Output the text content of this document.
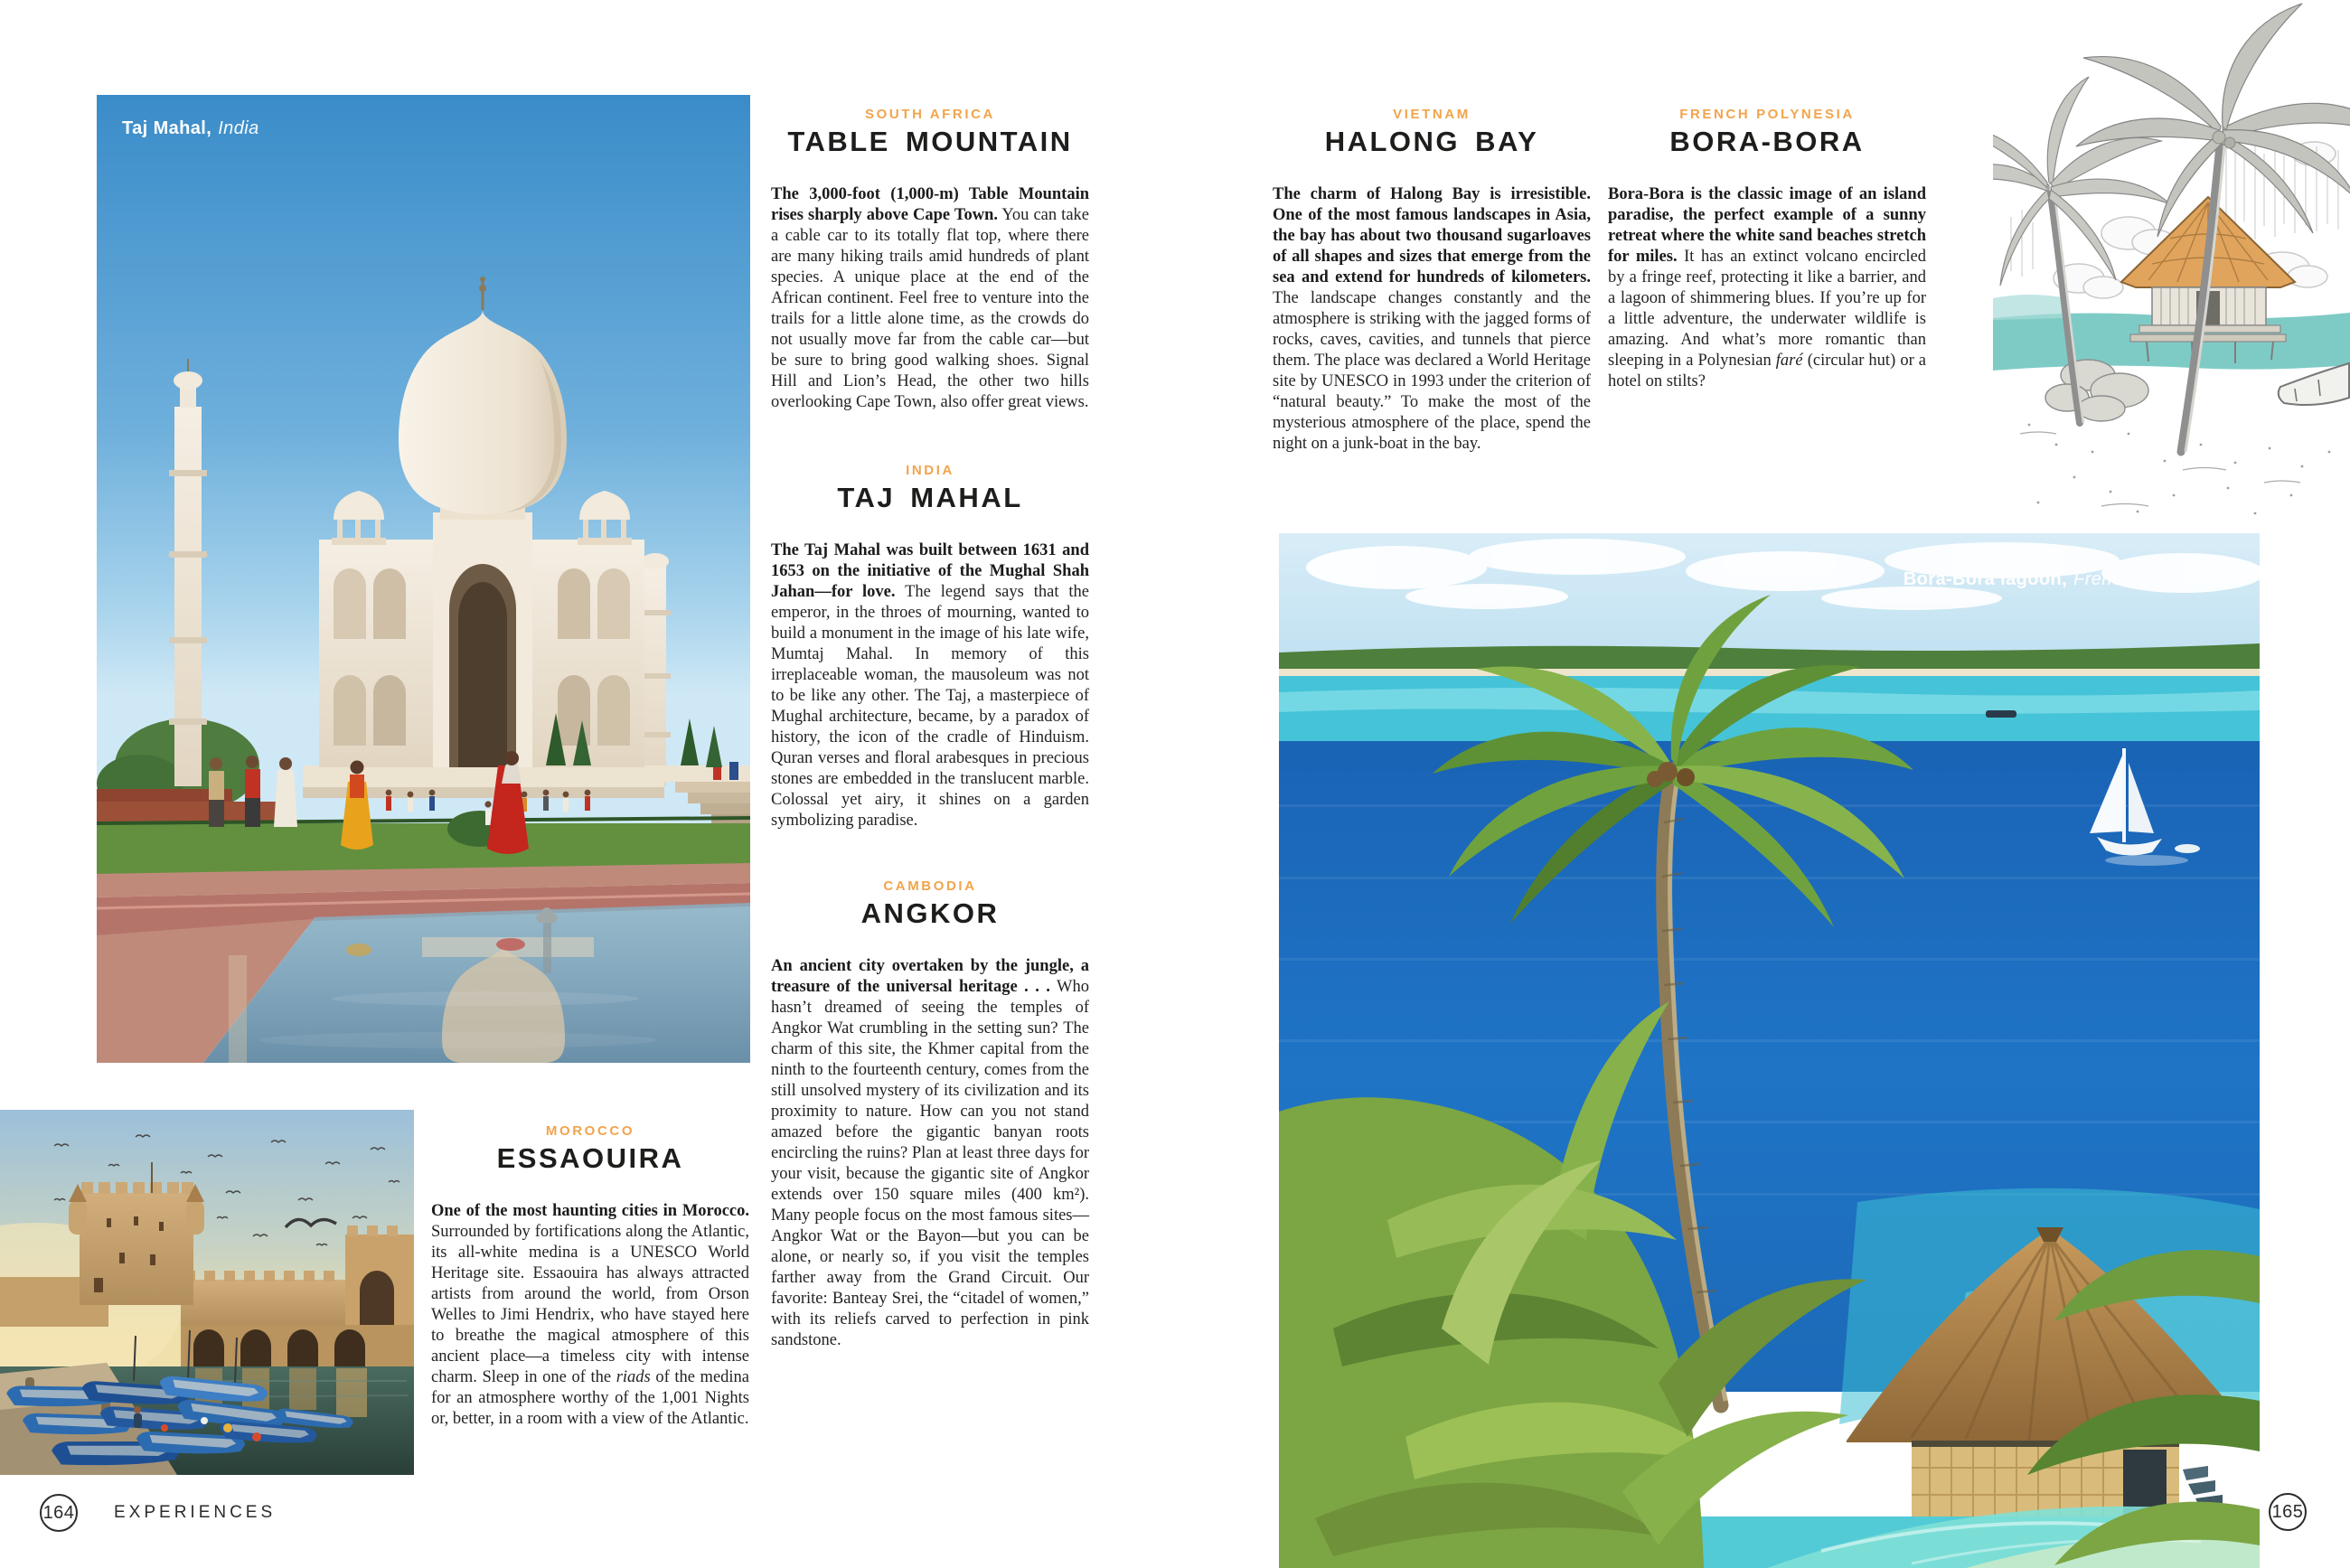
Taj Mahal, India
SOUTH AFRICA
TABLE MOUNTAIN

The 3,000-foot (1,000-m) Table Mountain rises sharply above Cape Town. You can take a cable car to its totally flat top, where there are many hiking trails amid hundreds of plant species. A unique place at the end of the African continent. Feel free to venture into the trails for a little alone time, as the crowds do not usually move far from the cable car—but be sure to bring good walking shoes. Signal Hill and Lion’s Head, the other two hills overlooking Cape Town, also offer great views.

INDIA
TAJ MAHAL

The Taj Mahal was built between 1631 and 1653 on the initiative of the Mughal Shah Jahan—for love. The legend says that the emperor, in the throes of mourning, wanted to build a monument in the image of his late wife, Mumtaj Mahal. In memory of this irreplaceable woman, the mausoleum was not to be like any other. The Taj, a masterpiece of Mughal architecture, became, by a paradox of history, the icon of the cradle of Hinduism. Quran verses and floral arabesques in precious stones are embedded in the translucent marble. Colossal yet airy, it shines on a garden symbolizing paradise.

CAMBODIA
ANGKOR

An ancient city overtaken by the jungle, a treasure of the universal heritage . . . Who hasn’t dreamed of seeing the temples of Angkor Wat crumbling in the setting sun? The charm of this site, the Khmer capital from the ninth to the fourteenth century, comes from the still unsolved mystery of its civilization and its proximity to nature. How can you not stand amazed before the gigantic banyan roots encircling the ruins? Plan at least three days for your visit, because the gigantic site of Angkor extends over 150 square miles (400 km²). Many people focus on the most famous sites—Angkor Wat or the Bayon—but you can be alone, or nearly so, if you visit the temples farther away from the Grand Circuit. Our favorite: Banteay Srei, the “citadel of women,” with its reliefs carved to perfection in pink sandstone.

MOROCCO
ESSAOUIRA

One of the most haunting cities in Morocco. Surrounded by fortifications along the Atlantic, its all-white medina is a UNESCO World Heritage site. Essaouira has always attracted artists from around the world, from Orson Welles to Jimi Hendrix, who have stayed here to breathe the magical atmosphere of this ancient place—a timeless city with intense charm. Sleep in one of the riads of the medina for an atmosphere worthy of the 1,001 Nights or, better, in a room with a view of the Atlantic.

164 EXPERIENCES
VIETNAM
HALONG BAY

The charm of Halong Bay is irresistible. One of the most famous landscapes in Asia, the bay has about two thousand sugarloaves of all shapes and sizes that emerge from the sea and extend for hundreds of kilometers. The landscape changes constantly and the atmosphere is striking with the jagged forms of rocks, caves, cavities, and tunnels that pierce them. The place was declared a World Heritage site by UNESCO in 1993 under the criterion of “natural beauty.” To make the most of the mysterious atmosphere of the place, spend the night on a junk-boat in the bay.

FRENCH POLYNESIA
BORA-BORA

Bora-Bora is the classic image of an island paradise, the perfect example of a sunny retreat where the white sand beaches stretch for miles. It has an extinct volcano encircled by a fringe reef, protecting it like a barrier, and a lagoon of shimmering blues. If you’re up for a little adventure, the underwater wildlife is amazing. And what’s more romantic than sleeping in a Polynesian faré (circular hut) or a hotel on stilts?

Bora-Bora lagoon, French Polynesia
165
